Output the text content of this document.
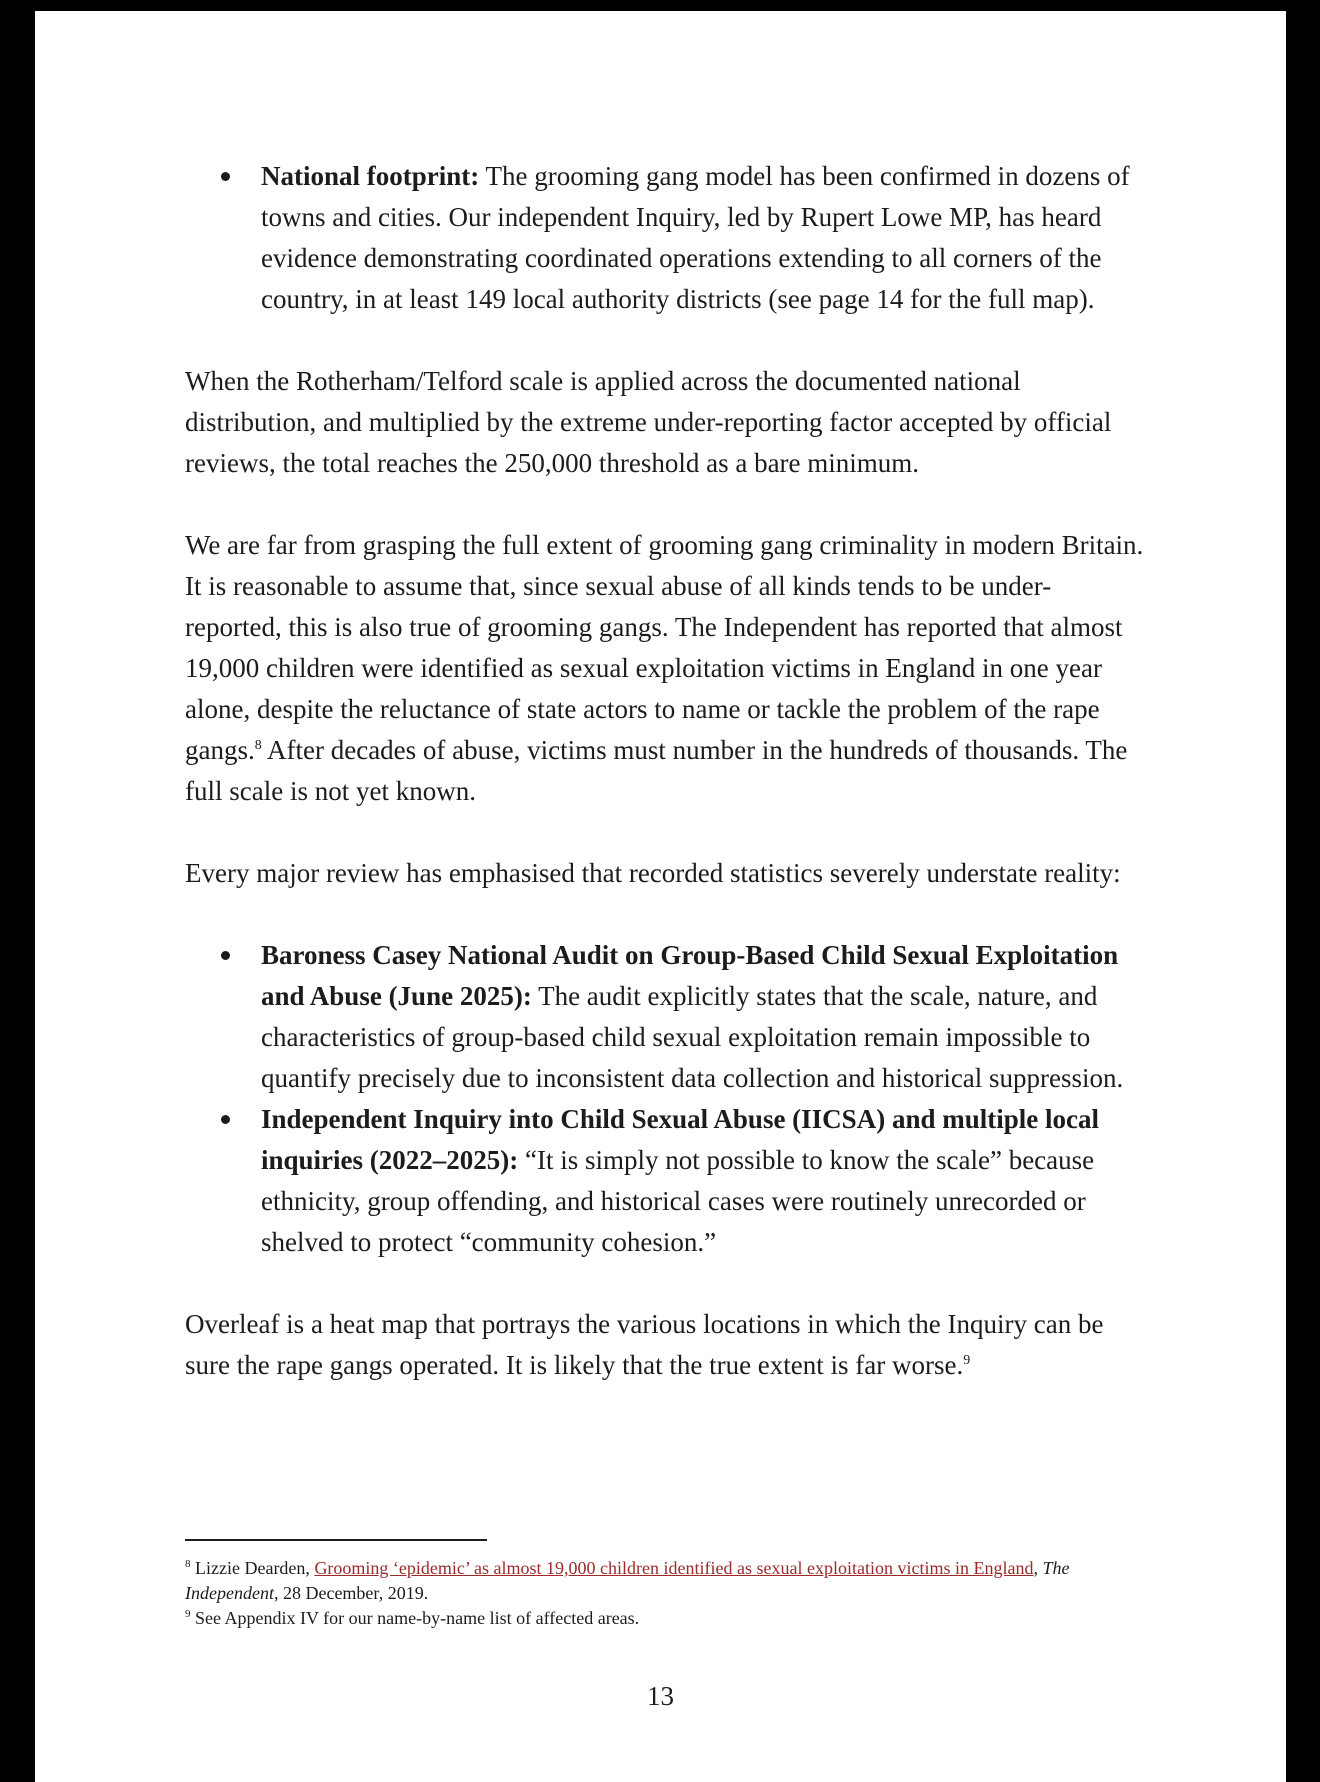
National footprint: The grooming gang model has been confirmed in dozens of towns and cities. Our independent Inquiry, led by Rupert Lowe MP, has heard evidence demonstrating coordinated operations extending to all corners of the country, in at least 149 local authority districts (see page 14 for the full map).

When the Rotherham/Telford scale is applied across the documented national distribution, and multiplied by the extreme under-reporting factor accepted by official reviews, the total reaches the 250,000 threshold as a bare minimum.

We are far from grasping the full extent of grooming gang criminality in modern Britain. It is reasonable to assume that, since sexual abuse of all kinds tends to be under-reported, this is also true of grooming gangs. The Independent has reported that almost 19,000 children were identified as sexual exploitation victims in England in one year alone, despite the reluctance of state actors to name or tackle the problem of the rape gangs.$^8$ After decades of abuse, victims must number in the hundreds of thousands. The full scale is not yet known.

Every major review has emphasised that recorded statistics severely understate reality:

Baroness Casey National Audit on Group-Based Child Sexual Exploitation and Abuse (June 2025): The audit explicitly states that the scale, nature, and characteristics of group-based child sexual exploitation remain impossible to quantify precisely due to inconsistent data collection and historical suppression.
Independent Inquiry into Child Sexual Abuse (IICSA) and multiple local inquiries (2022–2025): “It is simply not possible to know the scale” because ethnicity, group offending, and historical cases were routinely unrecorded or shelved to protect “community cohesion.”

Overleaf is a heat map that portrays the various locations in which the Inquiry can be sure the rape gangs operated. It is likely that the true extent is far worse.$^9$

$^8$ Lizzie Dearden, Grooming ‘epidemic’ as almost 19,000 children identified as sexual exploitation victims in England, The Independent, 28 December, 2019.
$^9$ See Appendix IV for our name-by-name list of affected areas.
13
